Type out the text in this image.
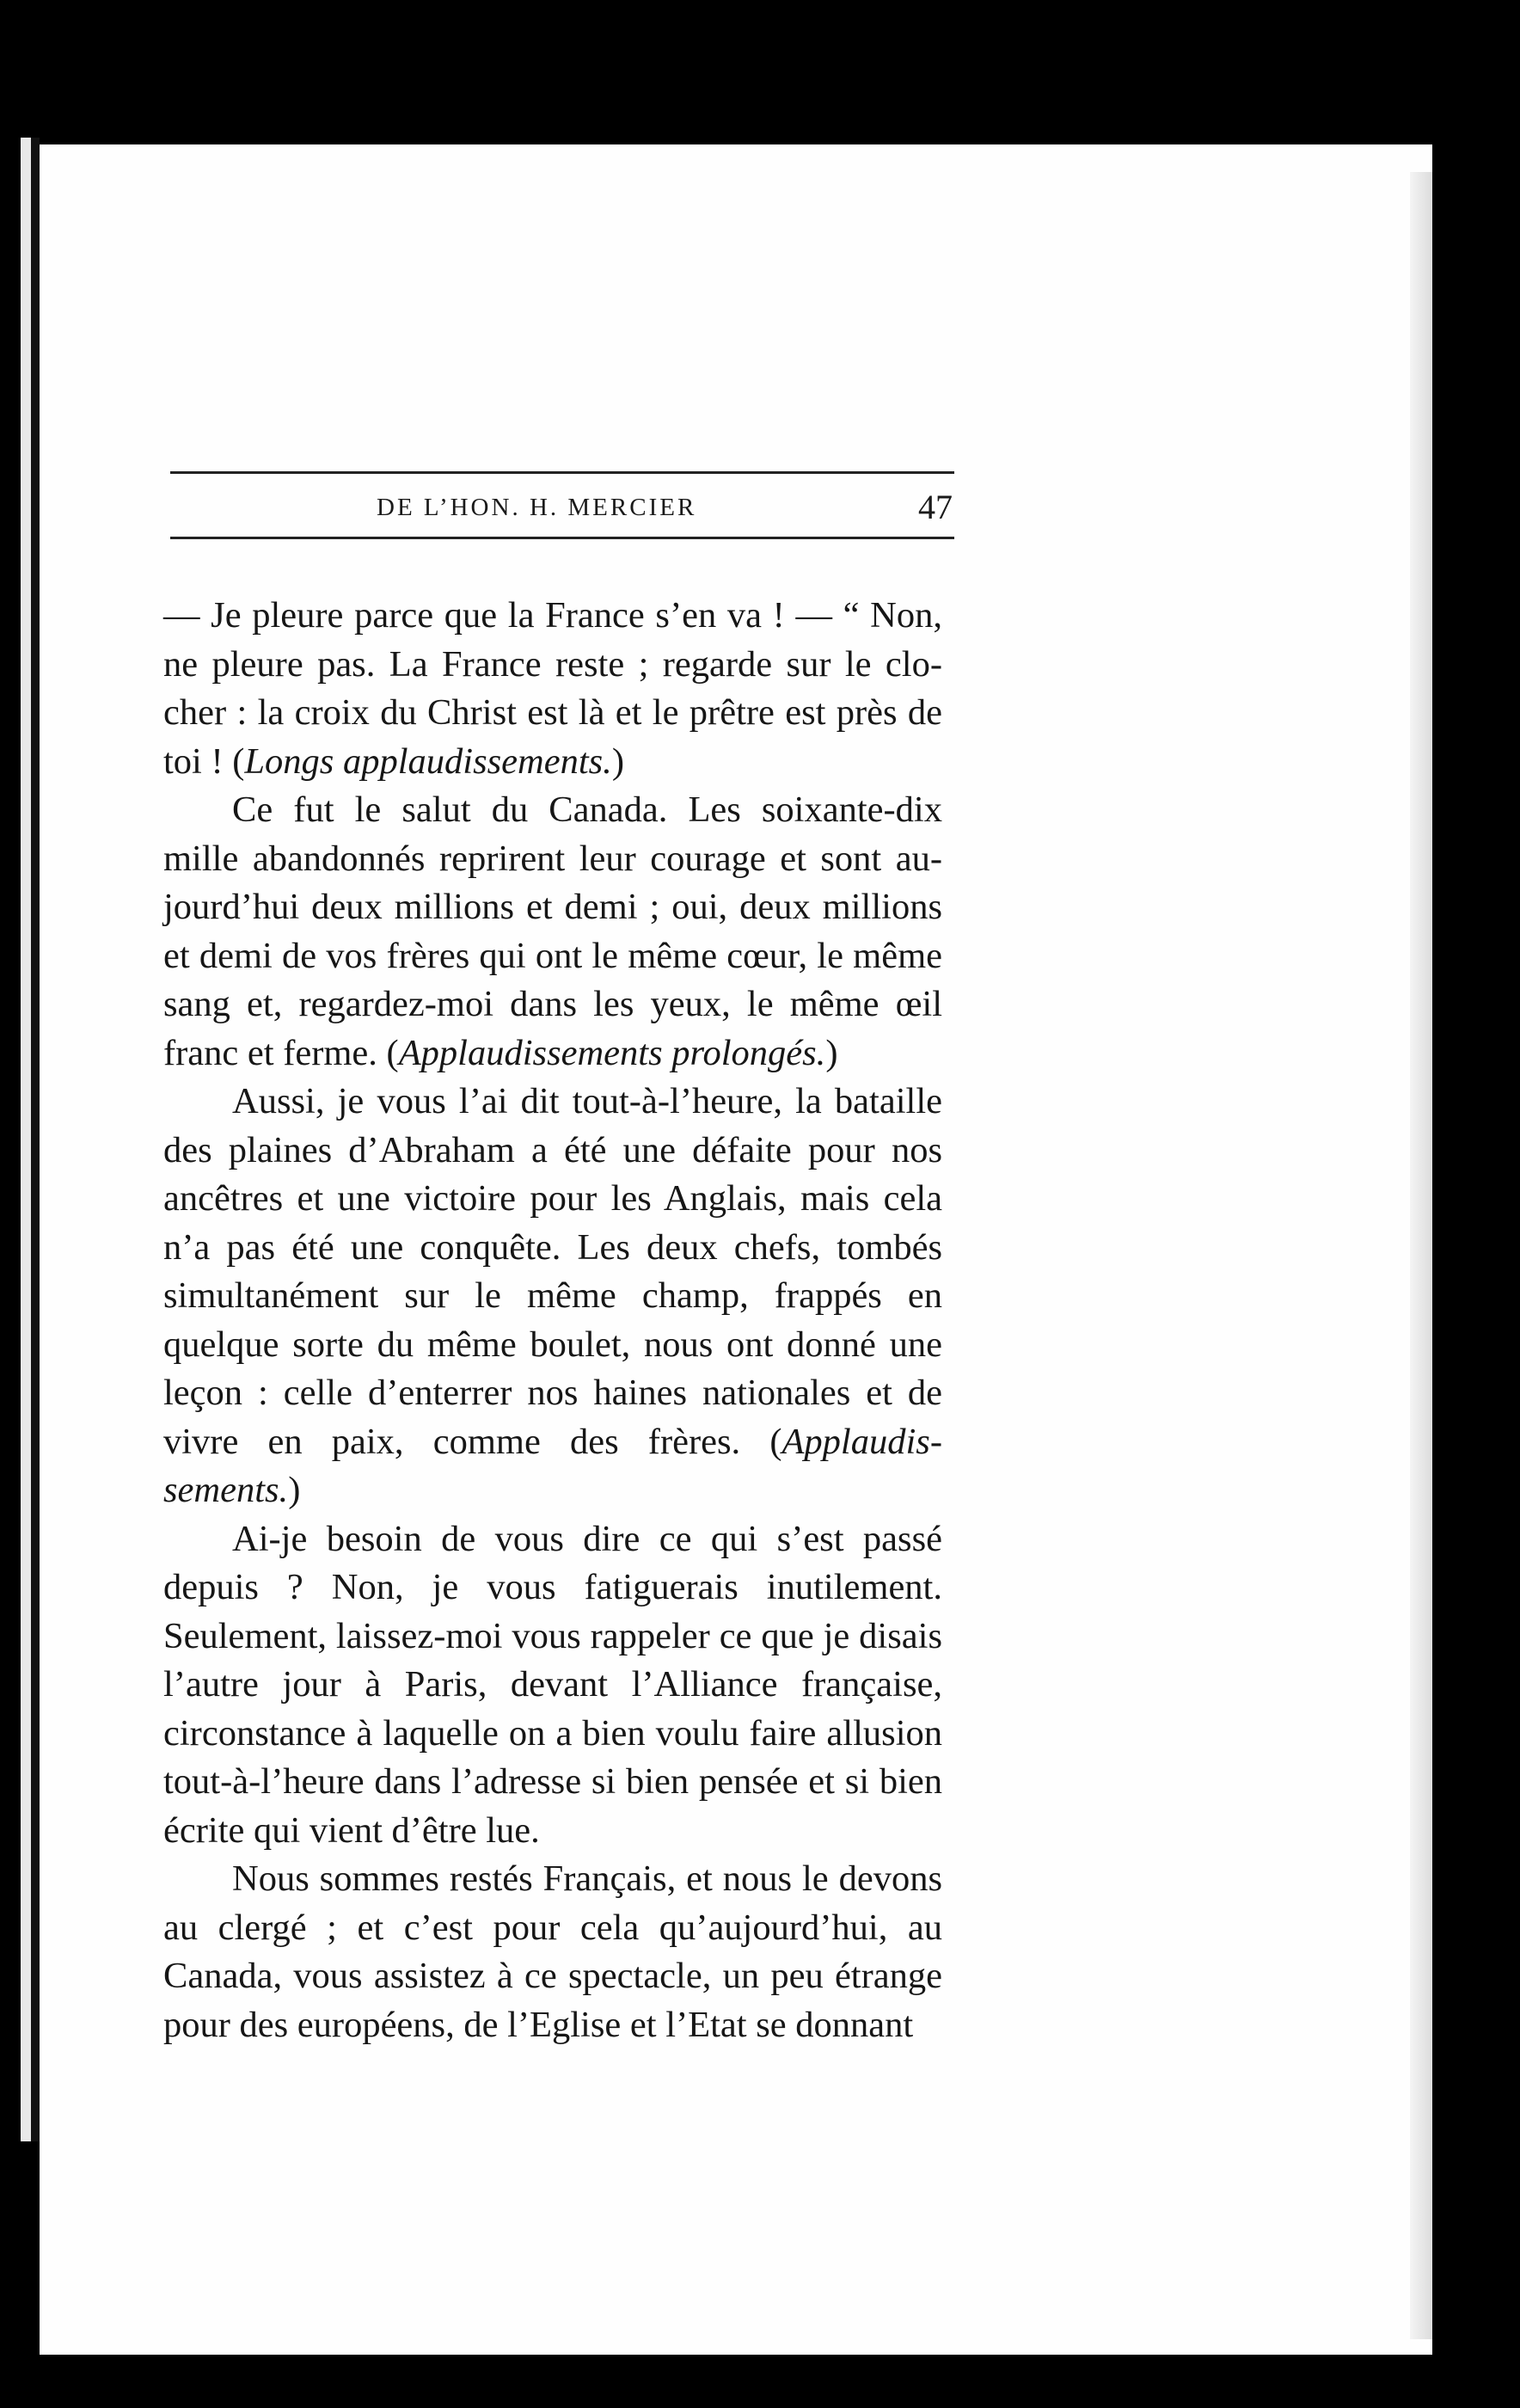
DE L’HON. H. MERCIER	47

— Je pleure parce que la France s’en va ! — “ Non, ne pleure pas. La France reste ; regarde sur le clocher : la croix du Christ est là et le prêtre est près de toi ! (Longs applaudissements.)

Ce fut le salut du Canada. Les soixante-dix mille abandonnés reprirent leur courage et sont aujourd’hui deux millions et demi ; oui, deux millions et demi de vos frères qui ont le même cœur, le même sang et, regardez-moi dans les yeux, le même œil franc et ferme. (Applaudissements prolongés.)

Aussi, je vous l’ai dit tout-à-l’heure, la bataille des plaines d’Abraham a été une défaite pour nos ancêtres et une victoire pour les Anglais, mais cela n’a pas été une conquête. Les deux chefs, tombés simultanément sur le même champ, frappés en quelque sorte du même boulet, nous ont donné une leçon : celle d’enterrer nos haines nationales et de vivre en paix, comme des frères. (Applaudissements.)

Ai-je besoin de vous dire ce qui s’est passé depuis ? Non, je vous fatiguerais inutilement. Seulement, laissez-moi vous rappeler ce que je disais l’autre jour à Paris, devant l’Alliance française, circonstance à laquelle on a bien voulu faire allusion tout-à-l’heure dans l’adresse si bien pensée et si bien écrite qui vient d’être lue.

Nous sommes restés Français, et nous le devons au clergé ; et c’est pour cela qu’aujourd’hui, au Canada, vous assistez à ce spectacle, un peu étrange pour des européens, de l’Eglise et l’Etat se donnant
